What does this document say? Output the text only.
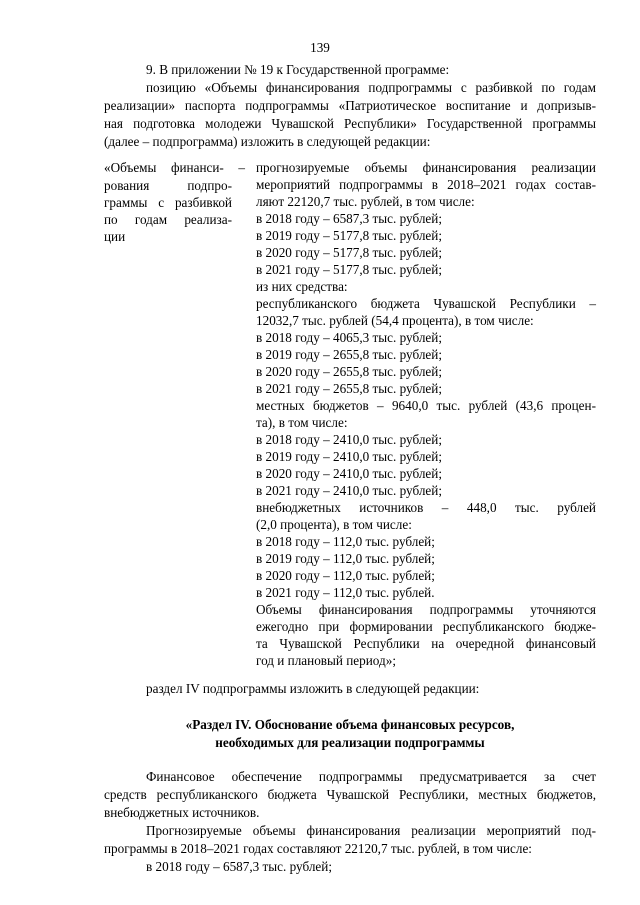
139
9. В приложении № 19 к Государственной программе:
позицию «Объемы финансирования подпрограммы с разбивкой по годам
реализации» паспорта подпрограммы «Патриотическое воспитание и допризыв-
ная подготовка молодежи Чувашской Республики» Государственной программы
(далее – подпрограмма) изложить в следующей редакции:
«Объемы финанси- –
рования подпро-
граммы с разбивкой
по годам реализа-
ции
прогнозируемые объемы финансирования реализации
мероприятий подпрограммы в 2018–2021 годах состав-
ляют 22120,7 тыс. рублей, в том числе:
в 2018 году – 6587,3 тыс. рублей;
в 2019 году – 5177,8 тыс. рублей;
в 2020 году – 5177,8 тыс. рублей;
в 2021 году – 5177,8 тыс. рублей;
из них средства:
республиканского бюджета Чувашской Республики –
12032,7 тыс. рублей (54,4 процента), в том числе:
в 2018 году – 4065,3 тыс. рублей;
в 2019 году – 2655,8 тыс. рублей;
в 2020 году – 2655,8 тыс. рублей;
в 2021 году – 2655,8 тыс. рублей;
местных бюджетов – 9640,0 тыс. рублей (43,6 процен-
та), в том числе:
в 2018 году – 2410,0 тыс. рублей;
в 2019 году – 2410,0 тыс. рублей;
в 2020 году – 2410,0 тыс. рублей;
в 2021 году – 2410,0 тыс. рублей;
внебюджетных источников – 448,0 тыс. рублей
(2,0 процента), в том числе:
в 2018 году – 112,0 тыс. рублей;
в 2019 году – 112,0 тыс. рублей;
в 2020 году – 112,0 тыс. рублей;
в 2021 году – 112,0 тыс. рублей.
Объемы финансирования подпрограммы уточняются
ежегодно при формировании республиканского бюдже-
та Чувашской Республики на очередной финансовый
год и плановый период»;
раздел IV подпрограммы изложить в следующей редакции:
«Раздел IV. Обоснование объема финансовых ресурсов,
необходимых для реализации подпрограммы
Финансовое обеспечение подпрограммы предусматривается за счет
средств республиканского бюджета Чувашской Республики, местных бюджетов,
внебюджетных источников.
Прогнозируемые объемы финансирования реализации мероприятий под-
программы в 2018–2021 годах составляют 22120,7 тыс. рублей, в том числе:
в 2018 году – 6587,3 тыс. рублей;
